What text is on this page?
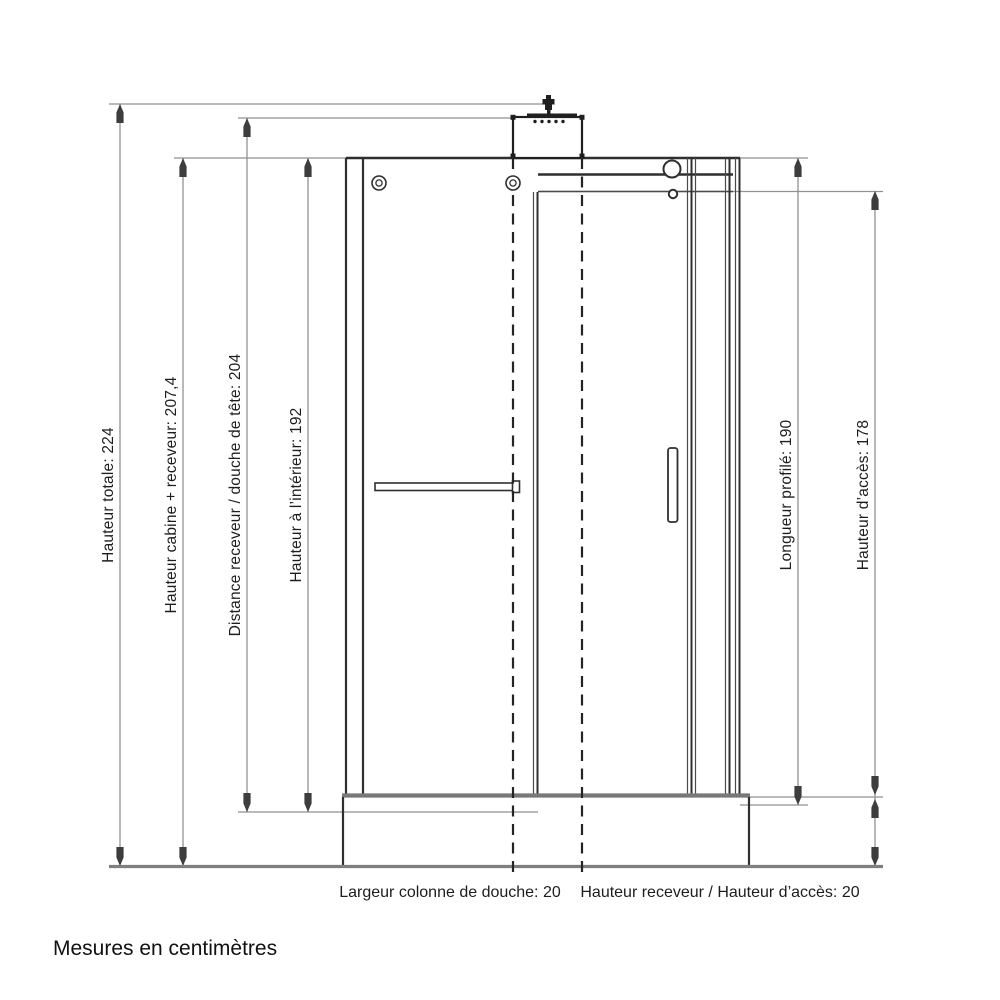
Hauteur totale: 224	Hauteur cabine + receveur: 207,4	Distance receveur / douche de tête: 204	Hauteur à l’intérieur: 192	Longueur profilé: 190	Hauteur d’accès: 178
Largeur colonne de douche: 20 Hauteur receveur / Hauteur d’accès: 20
Mesures en centimètres
